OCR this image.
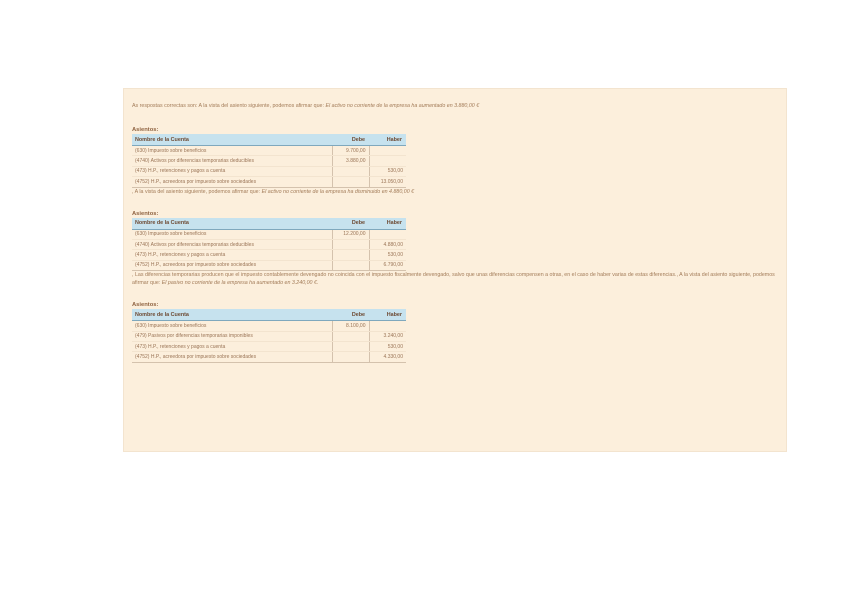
As respostas correctas son: A la vista del asiento siguiente, podemos afirmar que: El activo no corriente de la empresa ha aumentado en 3.880,00 €
Asientos:
Nombre de la Cuenta	Debe	Haber
(630) Impuesto sobre beneficios	9.700,00	
(4740) Activos por diferencias temporarias deducibles	3.880,00	
(473) H.P., retenciones y pagos a cuenta		530,00
(4752) H.P., acreedora por impuesto sobre sociedades		13.050,00
, A la vista del asiento siguiente, podemos afirmar que: El activo no corriente de la empresa ha disminuido en 4.880,00 €
Asientos:
Nombre de la Cuenta	Debe	Haber
(630) Impuesto sobre beneficios	12.200,00	
(4740) Activos por diferencias temporarias deducibles		4.880,00
(473) H.P., retenciones y pagos a cuenta		530,00
(4752) H.P., acreedora por impuesto sobre sociedades		6.790,00
, Las diferencias temporarias producen que el impuesto contablemente devengado no coincida con el impuesto fiscalmente devengado, salvo que unas diferencias compensen a otras, en el caso de haber varias de estas diferencias., A la vista del asiento siguiente, podemos afirmar que: El pasivo no corriente de la empresa ha aumentado en 3.240,00 €.
Asientos:
Nombre de la Cuenta	Debe	Haber
(630) Impuesto sobre beneficios	8.100,00	
(479) Pasivos por diferencias temporarias imponibles		3.240,00
(473) H.P., retenciones y pagos a cuenta		530,00
(4752) H.P., acreedora por impuesto sobre sociedades		4.330,00
